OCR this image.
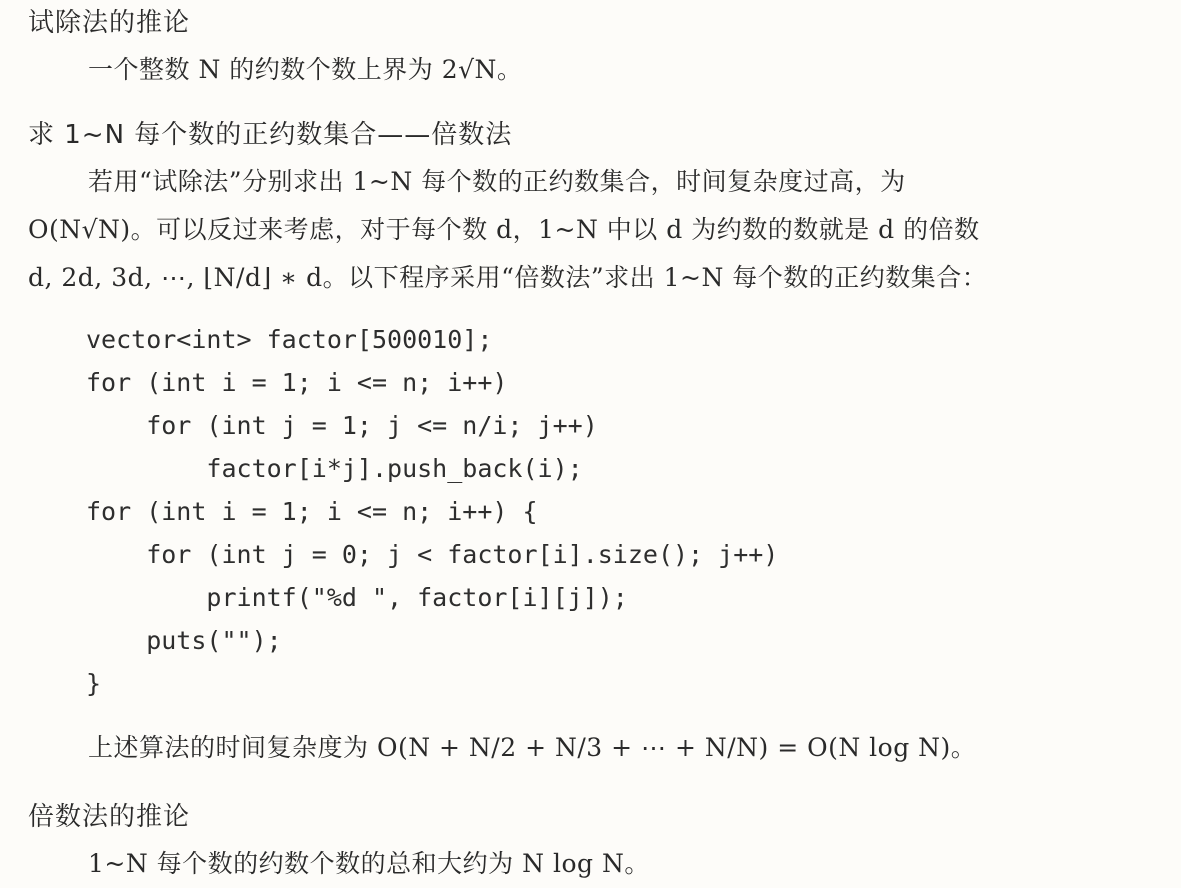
试除法的推论
一个整数 N 的约数个数上界为 2√N。
求 1~N 每个数的正约数集合——倍数法
若用“试除法”分别求出 1~N 每个数的正约数集合，时间复杂度过高，为
O(N√N)。可以反过来考虑，对于每个数 d，1~N 中以 d 为约数的数就是 d 的倍数
d, 2d, 3d, ⋯, ⌊N/d⌋ ∗ d。以下程序采用“倍数法”求出 1~N 每个数的正约数集合：
vector<int> factor[500010];
for (int i = 1; i <= n; i++)
for (int j = 1; j <= n/i; j++)
factor[i*j].push_back(i);
for (int i = 1; i <= n; i++) {
for (int j = 0; j < factor[i].size(); j++)
printf("%d ", factor[i][j]);
puts("");
}
上述算法的时间复杂度为 O(N + N/2 + N/3 + ⋯ + N/N) = O(N log N)。
倍数法的推论
1~N 每个数的约数个数的总和大约为 N log N。
